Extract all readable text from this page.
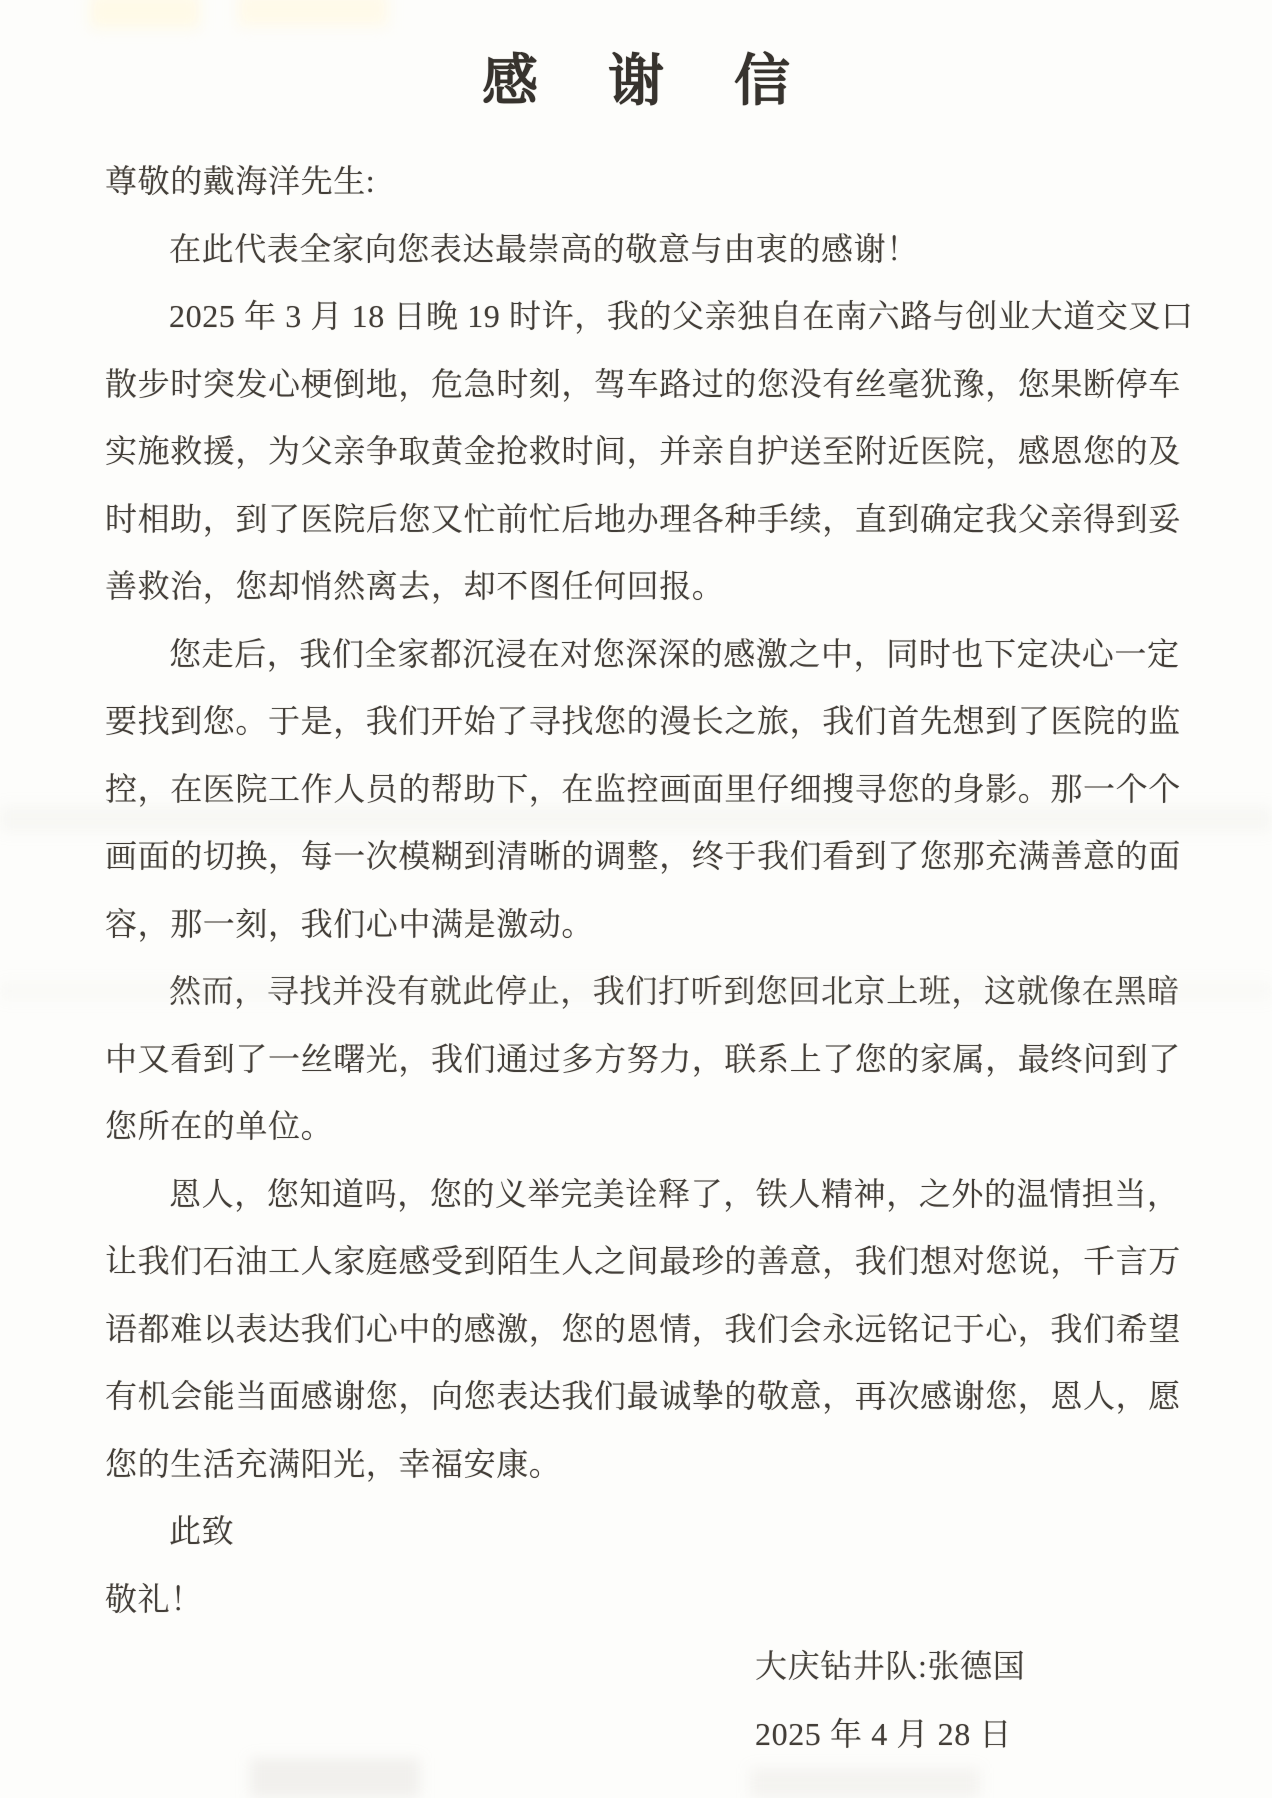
感 谢 信
尊敬的戴海洋先生:
在此代表全家向您表达最崇高的敬意与由衷的感谢！
2025 年 3 月 18 日晚 19 时许，我的父亲独自在南六路与创业大道交叉口
散步时突发心梗倒地，危急时刻，驾车路过的您没有丝毫犹豫，您果断停车
实施救援，为父亲争取黄金抢救时间，并亲自护送至附近医院，感恩您的及
时相助，到了医院后您又忙前忙后地办理各种手续，直到确定我父亲得到妥
善救治，您却悄然离去，却不图任何回报。
您走后，我们全家都沉浸在对您深深的感激之中，同时也下定决心一定
要找到您。于是，我们开始了寻找您的漫长之旅，我们首先想到了医院的监
控，在医院工作人员的帮助下，在监控画面里仔细搜寻您的身影。那一个个
画面的切换，每一次模糊到清晰的调整，终于我们看到了您那充满善意的面
容，那一刻，我们心中满是激动。
然而，寻找并没有就此停止，我们打听到您回北京上班，这就像在黑暗
中又看到了一丝曙光，我们通过多方努力，联系上了您的家属，最终问到了
您所在的单位。
恩人，您知道吗，您的义举完美诠释了，铁人精神，之外的温情担当，
让我们石油工人家庭感受到陌生人之间最珍的善意，我们想对您说，千言万
语都难以表达我们心中的感激，您的恩情，我们会永远铭记于心，我们希望
有机会能当面感谢您，向您表达我们最诚挚的敬意，再次感谢您，恩人，愿
您的生活充满阳光，幸福安康。
此致
敬礼！
大庆钻井队:张德国
2025 年 4 月 28 日
